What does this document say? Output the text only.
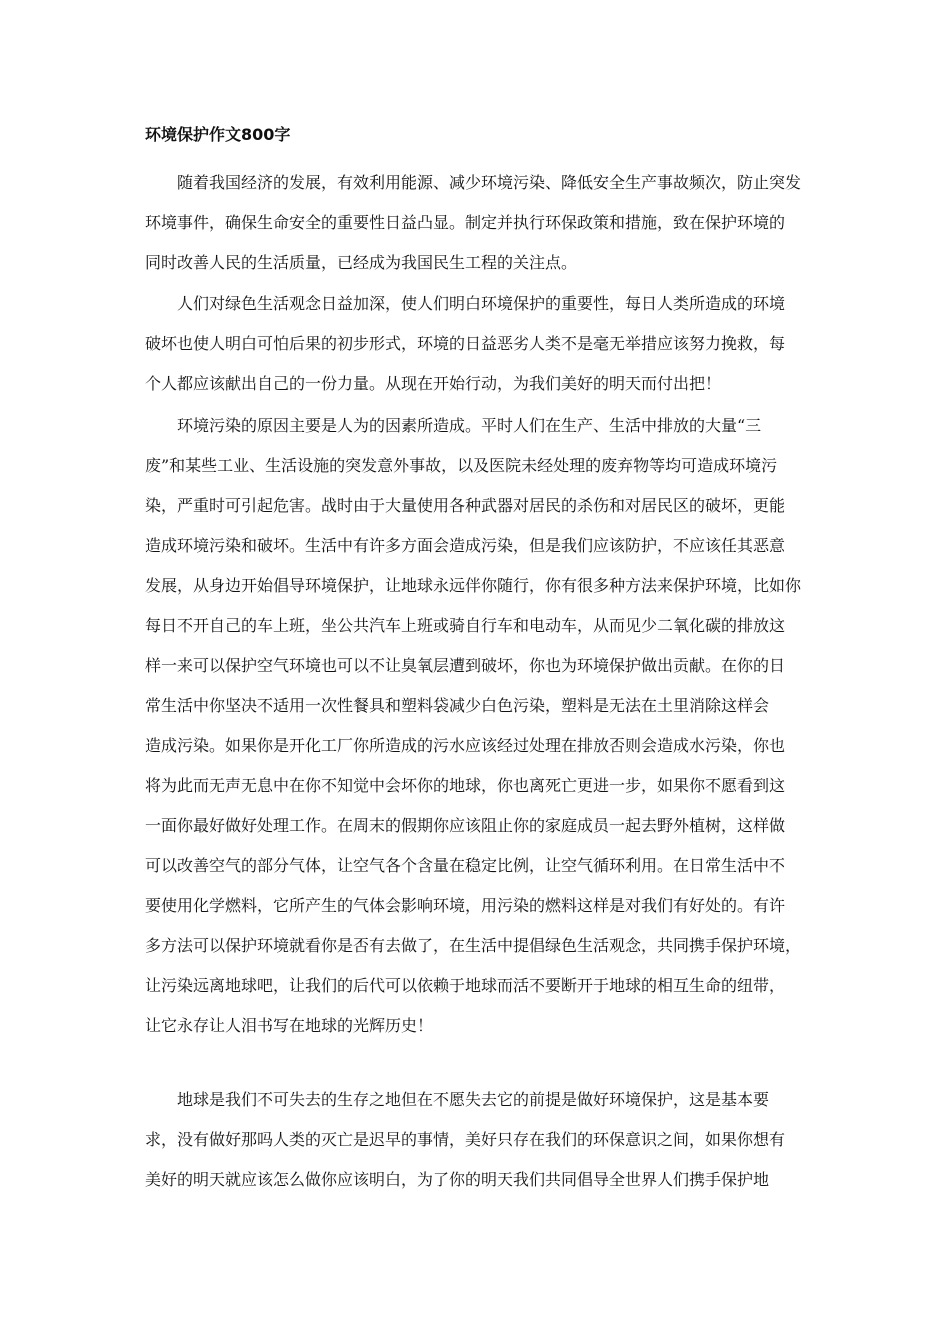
环境保护作文800字
随着我国经济的发展，有效利用能源、减少环境污染、降低安全生产事故频次，防止突发
环境事件，确保生命安全的重要性日益凸显。制定并执行环保政策和措施，致在保护环境的
同时改善人民的生活质量，已经成为我国民生工程的关注点。
人们对绿色生活观念日益加深，使人们明白环境保护的重要性，每日人类所造成的环境
破坏也使人明白可怕后果的初步形式，环境的日益恶劣人类不是毫无举措应该努力挽救，每
个人都应该献出自己的一份力量。从现在开始行动，为我们美好的明天而付出把！
环境污染的原因主要是人为的因素所造成。平时人们在生产、生活中排放的大量“三
废”和某些工业、生活设施的突发意外事故，以及医院未经处理的废弃物等均可造成环境污
染，严重时可引起危害。战时由于大量使用各种武器对居民的杀伤和对居民区的破坏，更能
造成环境污染和破坏。生活中有许多方面会造成污染，但是我们应该防护，不应该任其恶意
发展，从身边开始倡导环境保护，让地球永远伴你随行，你有很多种方法来保护环境，比如你
每日不开自己的车上班，坐公共汽车上班或骑自行车和电动车，从而见少二氧化碳的排放这
样一来可以保护空气环境也可以不让臭氧层遭到破坏，你也为环境保护做出贡献。在你的日
常生活中你坚决不适用一次性餐具和塑料袋减少白色污染，塑料是无法在土里消除这样会
造成污染。如果你是开化工厂你所造成的污水应该经过处理在排放否则会造成水污染，你也
将为此而无声无息中在你不知觉中会坏你的地球，你也离死亡更进一步，如果你不愿看到这
一面你最好做好处理工作。在周末的假期你应该阻止你的家庭成员一起去野外植树，这样做
可以改善空气的部分气体，让空气各个含量在稳定比例，让空气循环利用。在日常生活中不
要使用化学燃料，它所产生的气体会影响环境，用污染的燃料这样是对我们有好处的。有许
多方法可以保护环境就看你是否有去做了，在生活中提倡绿色生活观念，共同携手保护环境，
让污染远离地球吧，让我们的后代可以依赖于地球而活不要断开于地球的相互生命的纽带，
让它永存让人泪书写在地球的光辉历史！
地球是我们不可失去的生存之地但在不愿失去它的前提是做好环境保护，这是基本要
求，没有做好那吗人类的灭亡是迟早的事情，美好只存在我们的环保意识之间，如果你想有
美好的明天就应该怎么做你应该明白，为了你的明天我们共同倡导全世界人们携手保护地
